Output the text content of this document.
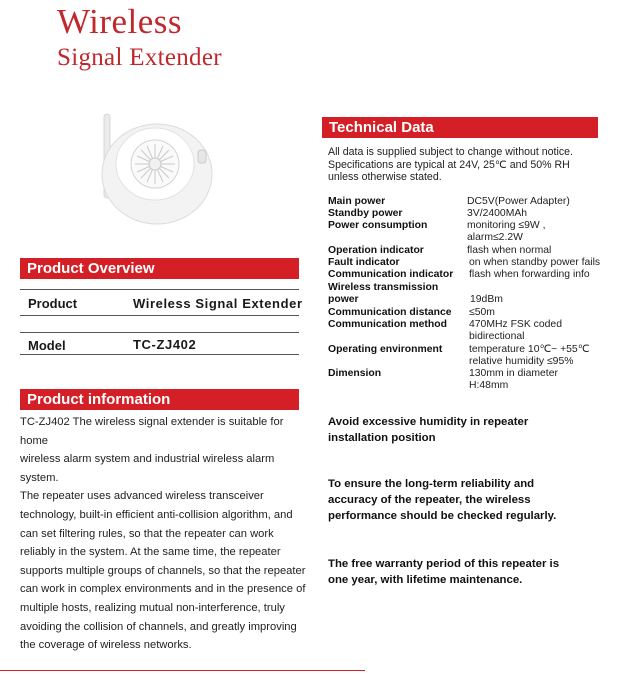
Wireless
Signal Extender
Product Overview
Product	Wireless Signal Extender
Model	TC-ZJ402
Product information
TC-ZJ402 The wireless signal extender is suitable for home
wireless alarm system and industrial wireless alarm system.
The repeater uses advanced wireless transceiver
technology, built-in efficient anti-collision algorithm, and
can set filtering rules, so that the repeater can work
reliably in the system. At the same time, the repeater
supports multiple groups of channels, so that the repeater
can work in complex environments and in the presence of
multiple hosts, realizing mutual non-interference, truly
avoiding the collision of channels, and greatly improving
the coverage of wireless networks.
Technical Data
All data is supplied subject to change without notice.
Specifications are typical at 24V, 25℃ and 50% RH
unless otherwise stated.
Main power
Standby power
Power consumption
Operation indicator
Fault indicator
Communication indicator
Wireless transmission
power
Communication distance
Communication method
Operating environment
Dimension
DC5V(Power Adapter)
3V/2400MAh
monitoring ≤9W ,
alarm≤2.2W
flash when normal
on when standby power fails
flash when forwarding info
19dBm
≤50m
470MHz FSK coded
bidirectional
temperature 10℃~ +55℃
relative humidity ≤95%
130mm in diameter
H:48mm
Avoid excessive humidity in repeater
installation position
To ensure the long-term reliability and
accuracy of the repeater, the wireless
performance should be checked regularly.
The free warranty period of this repeater is
one year, with lifetime maintenance.
